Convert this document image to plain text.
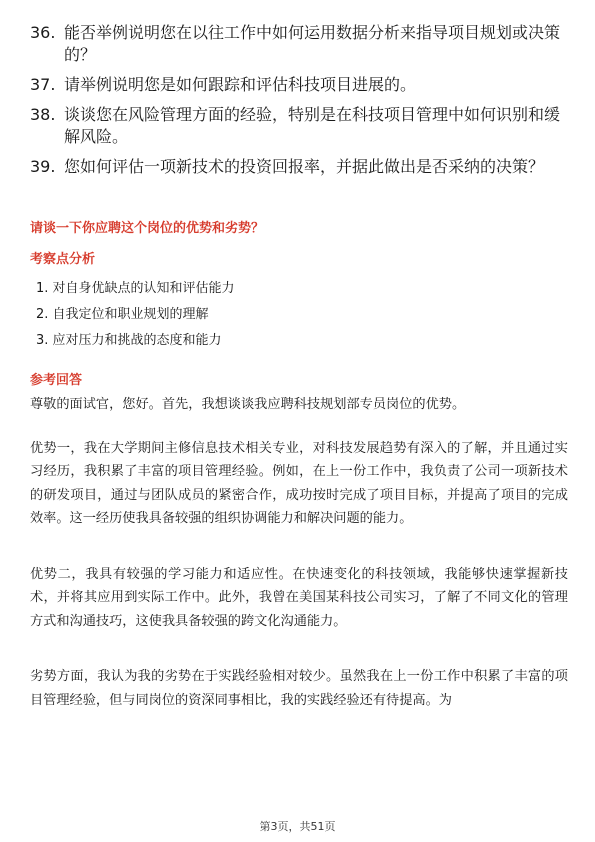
36. 能否举例说明您在以往工作中如何运用数据分析来指导项目规划或决策的？
37. 请举例说明您是如何跟踪和评估科技项目进展的。
38. 谈谈您在风险管理方面的经验，特别是在科技项目管理中如何识别和缓解风险。
39. 您如何评估一项新技术的投资回报率，并据此做出是否采纳的决策？
请谈一下你应聘这个岗位的优势和劣势？
考察点分析
1. 对自身优缺点的认知和评估能力
2. 自我定位和职业规划的理解
3. 应对压力和挑战的态度和能力
参考回答

尊敬的面试官，您好。首先，我想谈谈我应聘科技规划部专员岗位的优势。

优势一，我在大学期间主修信息技术相关专业，对科技发展趋势有深入的了解，并且通过实习经历，我积累了丰富的项目管理经验。例如，在上一份工作中，我负责了公司一项新技术的研发项目，通过与团队成员的紧密合作，成功按时完成了项目目标，并提高了项目的完成效率。这一经历使我具备较强的组织协调能力和解决问题的能力。

优势二，我具有较强的学习能力和适应性。在快速变化的科技领域，我能够快速掌握新技术，并将其应用到实际工作中。此外，我曾在美国某科技公司实习，了解了不同文化的管理方式和沟通技巧，这使我具备较强的跨文化沟通能力。

劣势方面，我认为我的劣势在于实践经验相对较少。虽然我在上一份工作中积累了丰富的项目管理经验，但与同岗位的资深同事相比，我的实践经验还有待提高。为

第3页，共51页
